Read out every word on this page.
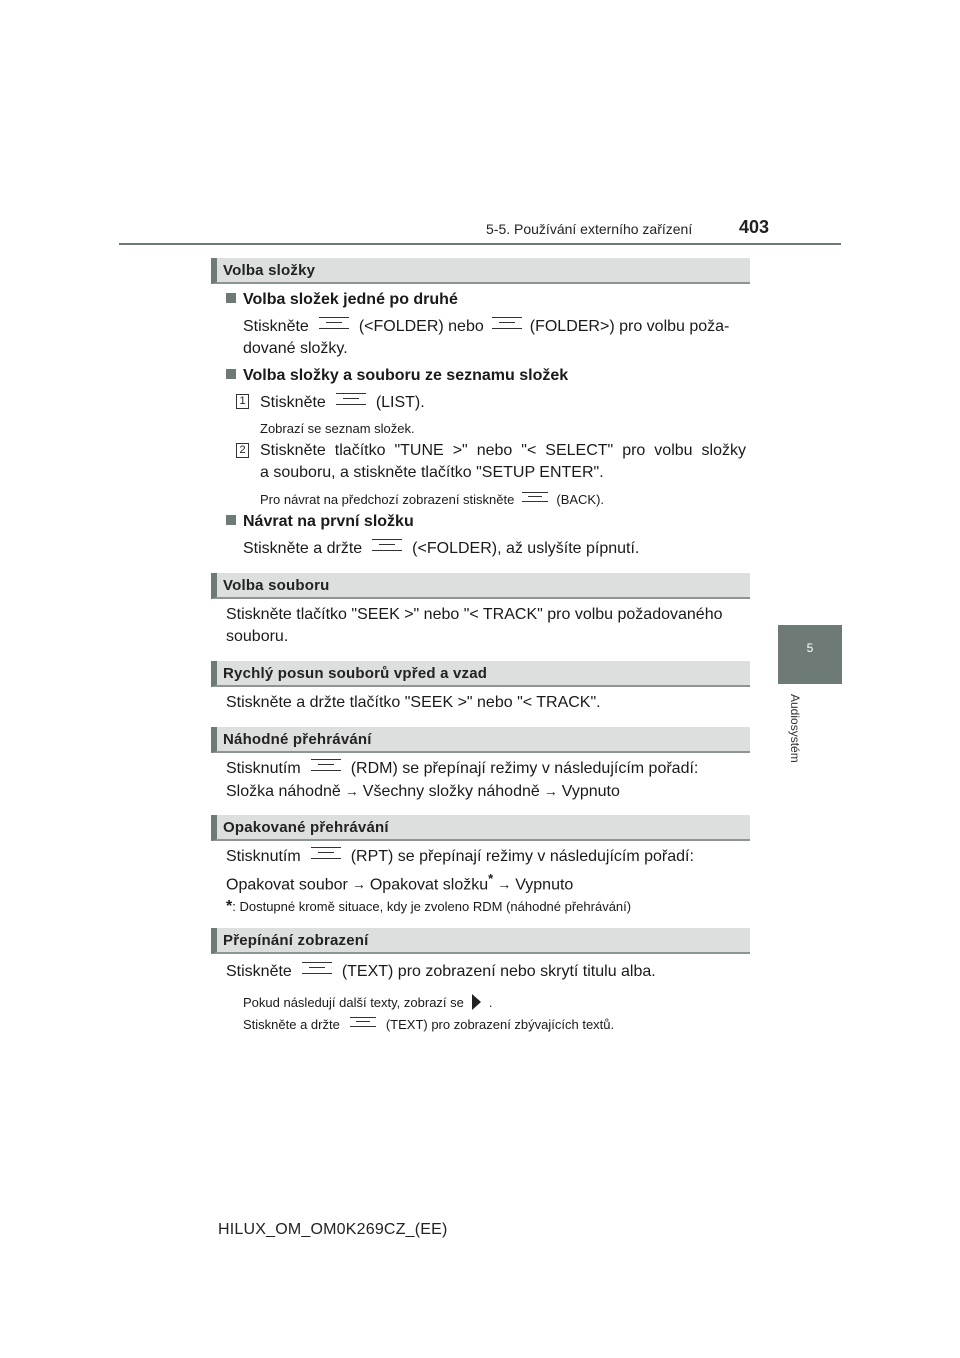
5-5. Používání externího zařízení	403
5
Audiosystém
Volba složky
Volba složek jedné po druhé
Stiskněte	(<FOLDER) nebo	(FOLDER>) pro volbu poža-
dované složky.
Volba složky a souboru ze seznamu složek
1 Stiskněte	(LIST).
Zobrazí se seznam složek.
2 Stiskněte tlačítko "TUNE >" nebo "< SELECT" pro volbu složky
a souboru, a stiskněte tlačítko "SETUP ENTER".
Pro návrat na předchozí zobrazení stiskněte	(BACK).
Návrat na první složku
Stiskněte a držte	(<FOLDER), až uslyšíte pípnutí.
Volba souboru
Stiskněte tlačítko "SEEK >" nebo "< TRACK" pro volbu požadovaného
souboru.
Rychlý posun souborů vpřed a vzad
Stiskněte a držte tlačítko "SEEK >" nebo "< TRACK".
Náhodné přehrávání
Stisknutím	(RDM) se přepínají režimy v následujícím pořadí:
Složka náhodně → Všechny složky náhodně → Vypnuto
Opakované přehrávání
Stisknutím	(RPT) se přepínají režimy v následujícím pořadí:
Opakovat soubor → Opakovat složku* → Vypnuto
*: Dostupné kromě situace, kdy je zvoleno RDM (náhodné přehrávání)
Přepínání zobrazení
Stiskněte	(TEXT) pro zobrazení nebo skrytí titulu alba.
Pokud následují další texty, zobrazí se .
Stiskněte a držte	(TEXT) pro zobrazení zbývajících textů.
HILUX_OM_OM0K269CZ_(EE)
